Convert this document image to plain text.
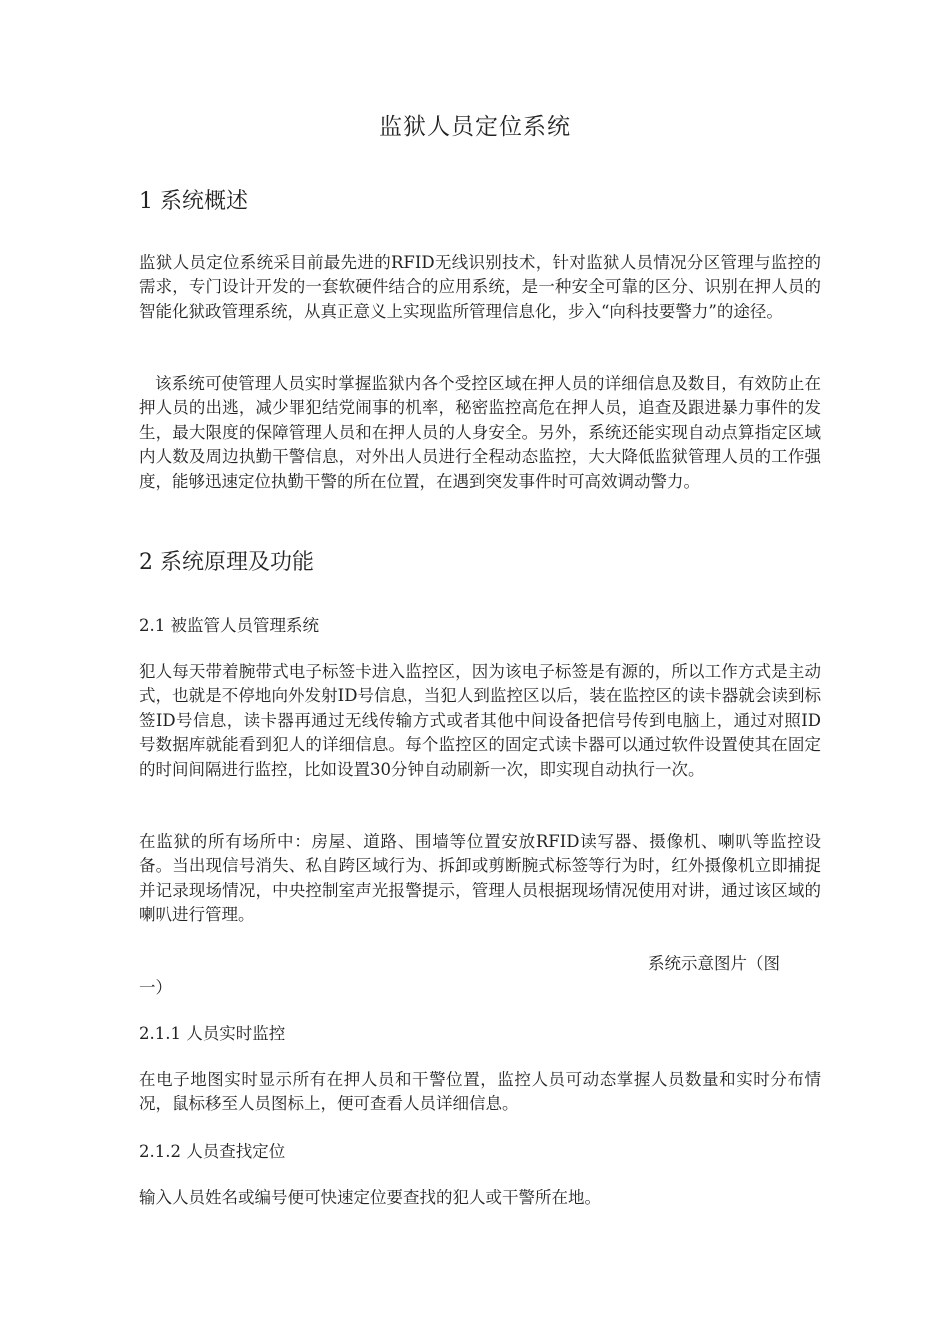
监狱人员定位系统
1 系统概述

监狱人员定位系统采目前最先进的RFID无线识别技术，针对监狱人员情况分区管理与监控的需求，专门设计开发的一套软硬件结合的应用系统，是一种安全可靠的区分、识别在押人员的智能化狱政管理系统，从真正意义上实现监所管理信息化，步入“向科技要警力”的途径。

该系统可使管理人员实时掌握监狱内各个受控区域在押人员的详细信息及数目，有效防止在押人员的出逃，减少罪犯结党闹事的机率，秘密监控高危在押人员，追查及跟进暴力事件的发生，最大限度的保障管理人员和在押人员的人身安全。另外，系统还能实现自动点算指定区域内人数及周边执勤干警信息，对外出人员进行全程动态监控，大大降低监狱管理人员的工作强度，能够迅速定位执勤干警的所在位置，在遇到突发事件时可高效调动警力。

2 系统原理及功能
2.1 被监管人员管理系统

犯人每天带着腕带式电子标签卡进入监控区，因为该电子标签是有源的，所以工作方式是主动式，也就是不停地向外发射ID号信息，当犯人到监控区以后，装在监控区的读卡器就会读到标签ID号信息，读卡器再通过无线传输方式或者其他中间设备把信号传到电脑上，通过对照ID号数据库就能看到犯人的详细信息。每个监控区的固定式读卡器可以通过软件设置使其在固定的时间间隔进行监控，比如设置30分钟自动刷新一次，即实现自动执行一次。

在监狱的所有场所中：房屋、道路、围墙等位置安放RFID读写器、摄像机、喇叭等监控设备。当出现信号消失、私自跨区域行为、拆卸或剪断腕式标签等行为时，红外摄像机立即捕捉并记录现场情况，中央控制室声光报警提示，管理人员根据现场情况使用对讲，通过该区域的喇叭进行管理。

系统示意图片（图
一）
2.1.1 人员实时监控

在电子地图实时显示所有在押人员和干警位置，监控人员可动态掌握人员数量和实时分布情况，鼠标移至人员图标上，便可查看人员详细信息。

2.1.2 人员查找定位

输入人员姓名或编号便可快速定位要查找的犯人或干警所在地。
